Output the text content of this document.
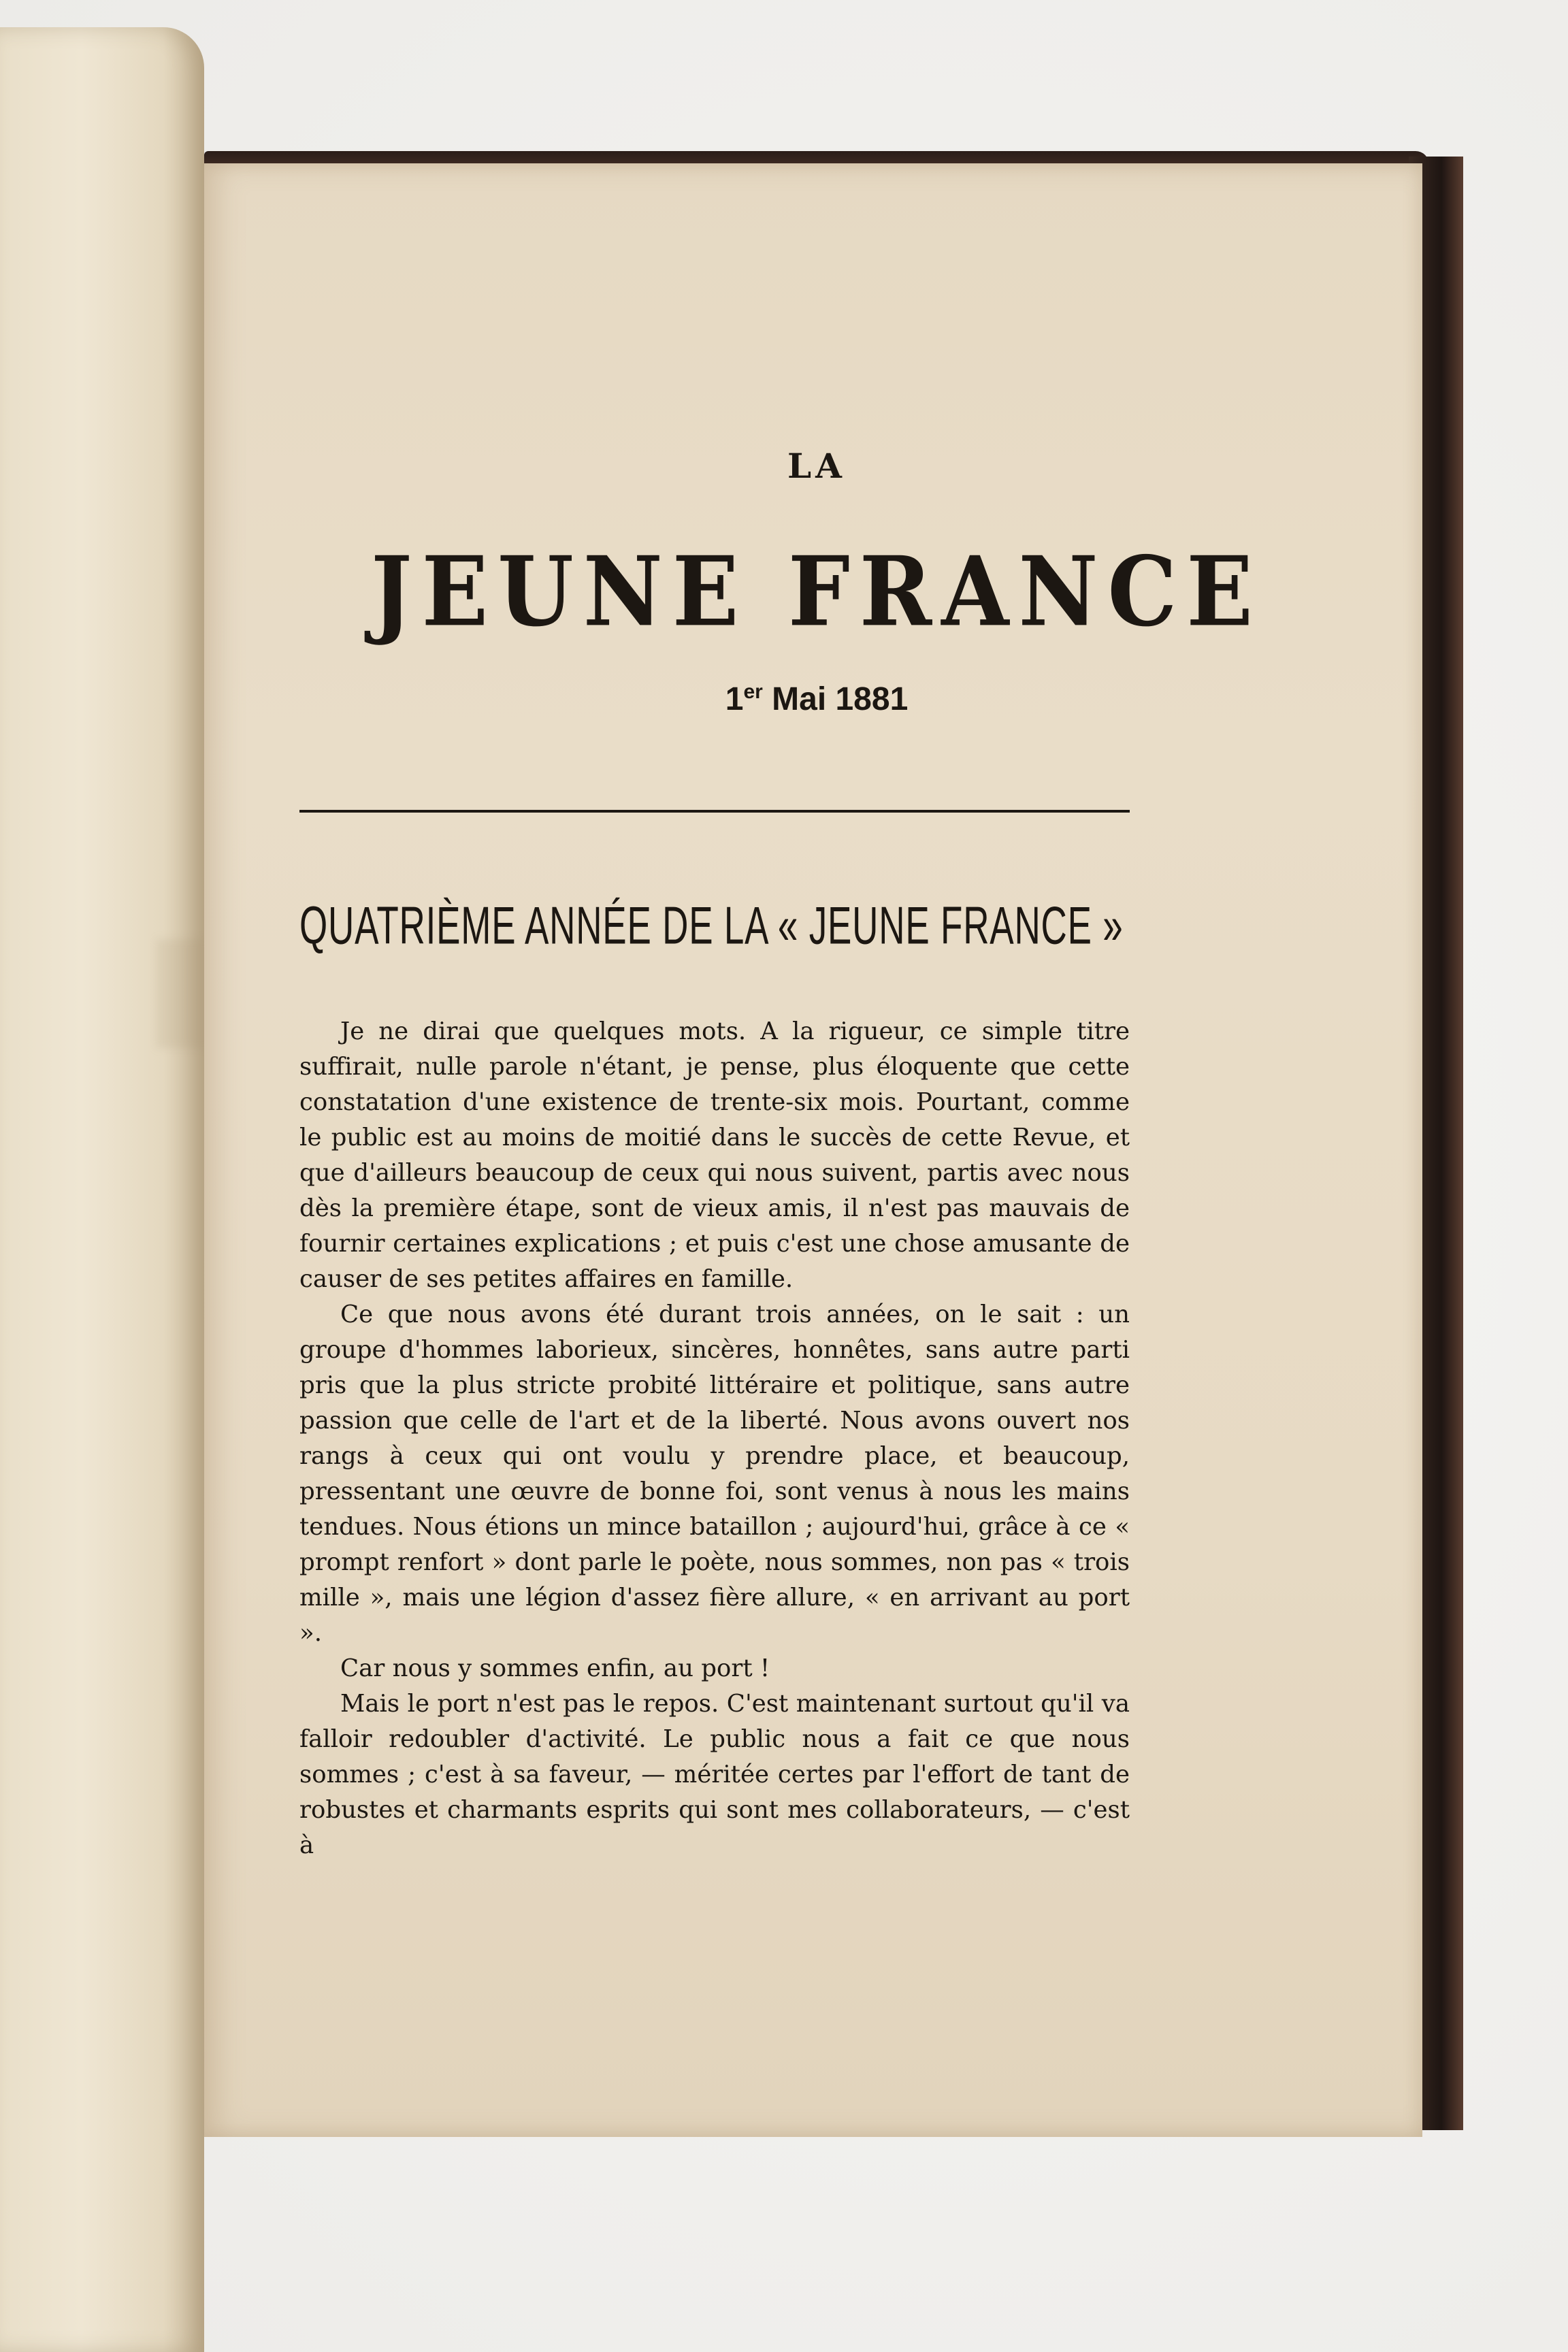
LA
JEUNE FRANCE
1er Mai 1881
QUATRIÈME ANNÉE DE LA « JEUNE FRANCE »

Je ne dirai que quelques mots. A la rigueur, ce simple titre suffirait, nulle parole n'étant, je pense, plus éloquente que cette constatation d'une existence de trente-six mois. Pourtant, comme le public est au moins de moitié dans le succès de cette Revue, et que d'ailleurs beaucoup de ceux qui nous suivent, partis avec nous dès la première étape, sont de vieux amis, il n'est pas mauvais de fournir certaines explications ; et puis c'est une chose amusante de causer de ses petites affaires en famille.

Ce que nous avons été durant trois années, on le sait : un groupe d'hommes laborieux, sincères, honnêtes, sans autre parti pris que la plus stricte probité littéraire et politique, sans autre passion que celle de l'art et de la liberté. Nous avons ouvert nos rangs à ceux qui ont voulu y prendre place, et beaucoup, pressentant une œuvre de bonne foi, sont venus à nous les mains tendues. Nous étions un mince bataillon ; aujourd'hui, grâce à ce « prompt renfort » dont parle le poète, nous sommes, non pas « trois mille », mais une légion d'assez fière allure, « en arrivant au port ».

Car nous y sommes enfin, au port !

Mais le port n'est pas le repos. C'est maintenant surtout qu'il va falloir redoubler d'activité. Le public nous a fait ce que nous sommes ; c'est à sa faveur, — méritée certes par l'effort de tant de robustes et charmants esprits qui sont mes collaborateurs, — c'est à
